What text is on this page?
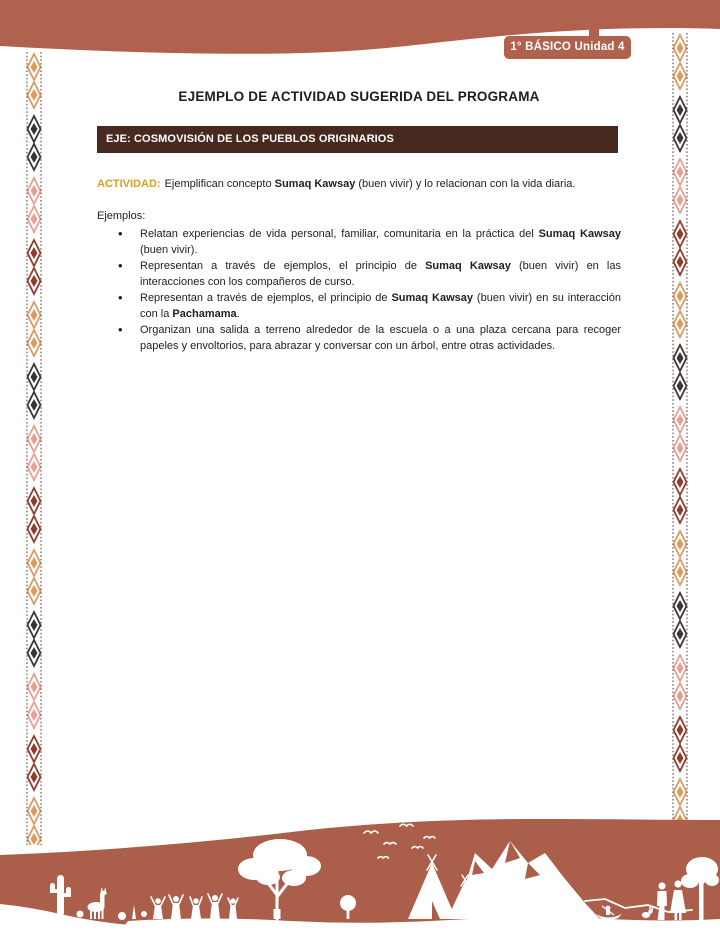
1° BÁSICO Unidad 4
EJEMPLO DE ACTIVIDAD SUGERIDA DEL PROGRAMA
EJE: COSMOVISIÓN DE LOS PUEBLOS ORIGINARIOS
ACTIVIDAD: Ejemplifican concepto Sumaq Kawsay (buen vivir) y lo relacionan con la vida diaria.
Ejemplos:
• Relatan experiencias de vida personal, familiar, comunitaria en la práctica del Sumaq Kawsay (buen vivir).
• Representan a través de ejemplos, el principio de Sumaq Kawsay (buen vivir) en las interacciones con los compañeros de curso.
• Representan a través de ejemplos, el principio de Sumaq Kawsay (buen vivir) en su interacción con la Pachamama.
• Organizan una salida a terreno alrededor de la escuela o a una plaza cercana para recoger papeles y envoltorios, para abrazar y conversar con un árbol, entre otras actividades.
